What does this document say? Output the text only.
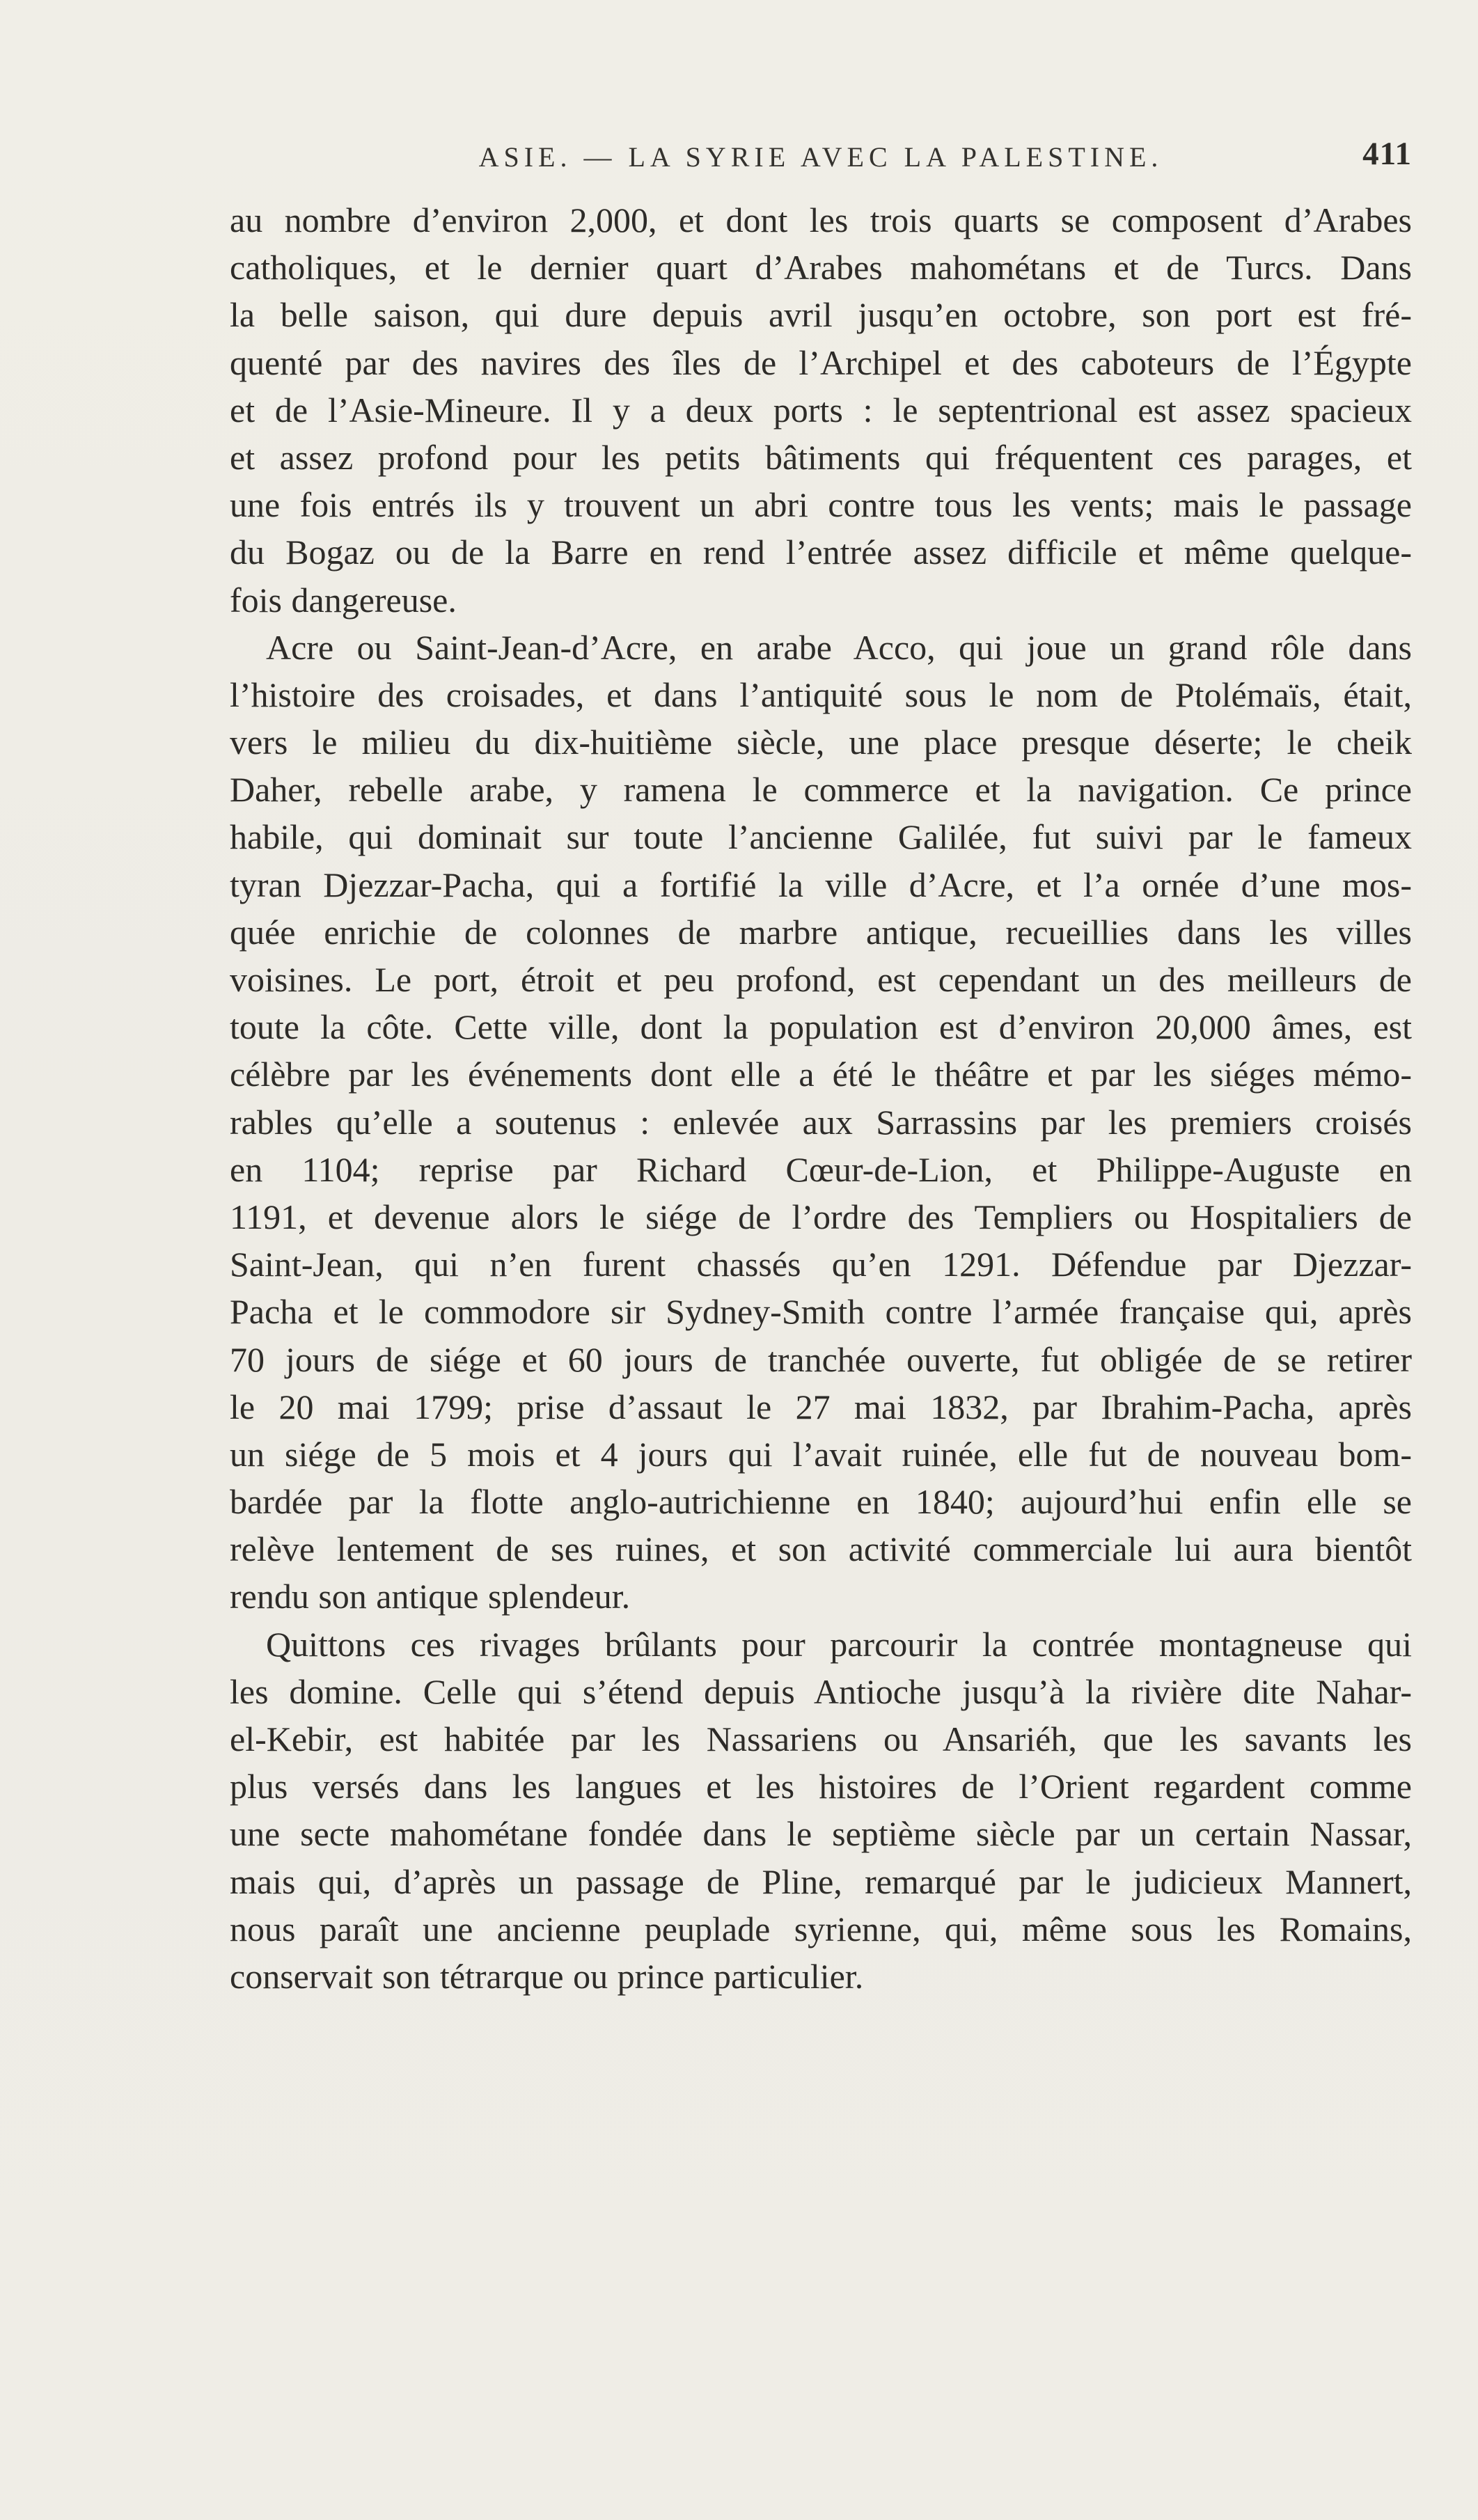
ASIE. — LA SYRIE AVEC LA PALESTINE.	411
au nombre d’environ 2,000, et dont les trois quarts se composent d’Arabes
catholiques, et le dernier quart d’Arabes mahométans et de Turcs. Dans
la belle saison, qui dure depuis avril jusqu’en octobre, son port est fré-
quenté par des navires des îles de l’Archipel et des caboteurs de l’Égypte
et de l’Asie-Mineure. Il y a deux ports : le septentrional est assez spacieux
et assez profond pour les petits bâtiments qui fréquentent ces parages, et
une fois entrés ils y trouvent un abri contre tous les vents; mais le passage
du Bogaz ou de la Barre en rend l’entrée assez difficile et même quelque-
fois dangereuse.
Acre ou Saint-Jean-d’Acre, en arabe Acco, qui joue un grand rôle dans
l’histoire des croisades, et dans l’antiquité sous le nom de Ptolémaïs, était,
vers le milieu du dix-huitième siècle, une place presque déserte; le cheik
Daher, rebelle arabe, y ramena le commerce et la navigation. Ce prince
habile, qui dominait sur toute l’ancienne Galilée, fut suivi par le fameux
tyran Djezzar-Pacha, qui a fortifié la ville d’Acre, et l’a ornée d’une mos-
quée enrichie de colonnes de marbre antique, recueillies dans les villes
voisines. Le port, étroit et peu profond, est cependant un des meilleurs de
toute la côte. Cette ville, dont la population est d’environ 20,000 âmes, est
célèbre par les événements dont elle a été le théâtre et par les siéges mémo-
rables qu’elle a soutenus : enlevée aux Sarrassins par les premiers croisés
en 1104; reprise par Richard Cœur-de-Lion, et Philippe-Auguste en
1191, et devenue alors le siége de l’ordre des Templiers ou Hospitaliers de
Saint-Jean, qui n’en furent chassés qu’en 1291. Défendue par Djezzar-
Pacha et le commodore sir Sydney-Smith contre l’armée française qui, après
70 jours de siége et 60 jours de tranchée ouverte, fut obligée de se retirer
le 20 mai 1799; prise d’assaut le 27 mai 1832, par Ibrahim-Pacha, après
un siége de 5 mois et 4 jours qui l’avait ruinée, elle fut de nouveau bom-
bardée par la flotte anglo-autrichienne en 1840; aujourd’hui enfin elle se
relève lentement de ses ruines, et son activité commerciale lui aura bientôt
rendu son antique splendeur.
Quittons ces rivages brûlants pour parcourir la contrée montagneuse qui
les domine. Celle qui s’étend depuis Antioche jusqu’à la rivière dite Nahar-
el-Kebir, est habitée par les Nassariens ou Ansariéh, que les savants les
plus versés dans les langues et les histoires de l’Orient regardent comme
une secte mahométane fondée dans le septième siècle par un certain Nassar,
mais qui, d’après un passage de Pline, remarqué par le judicieux Mannert,
nous paraît une ancienne peuplade syrienne, qui, même sous les Romains,
conservait son tétrarque ou prince particulier.
